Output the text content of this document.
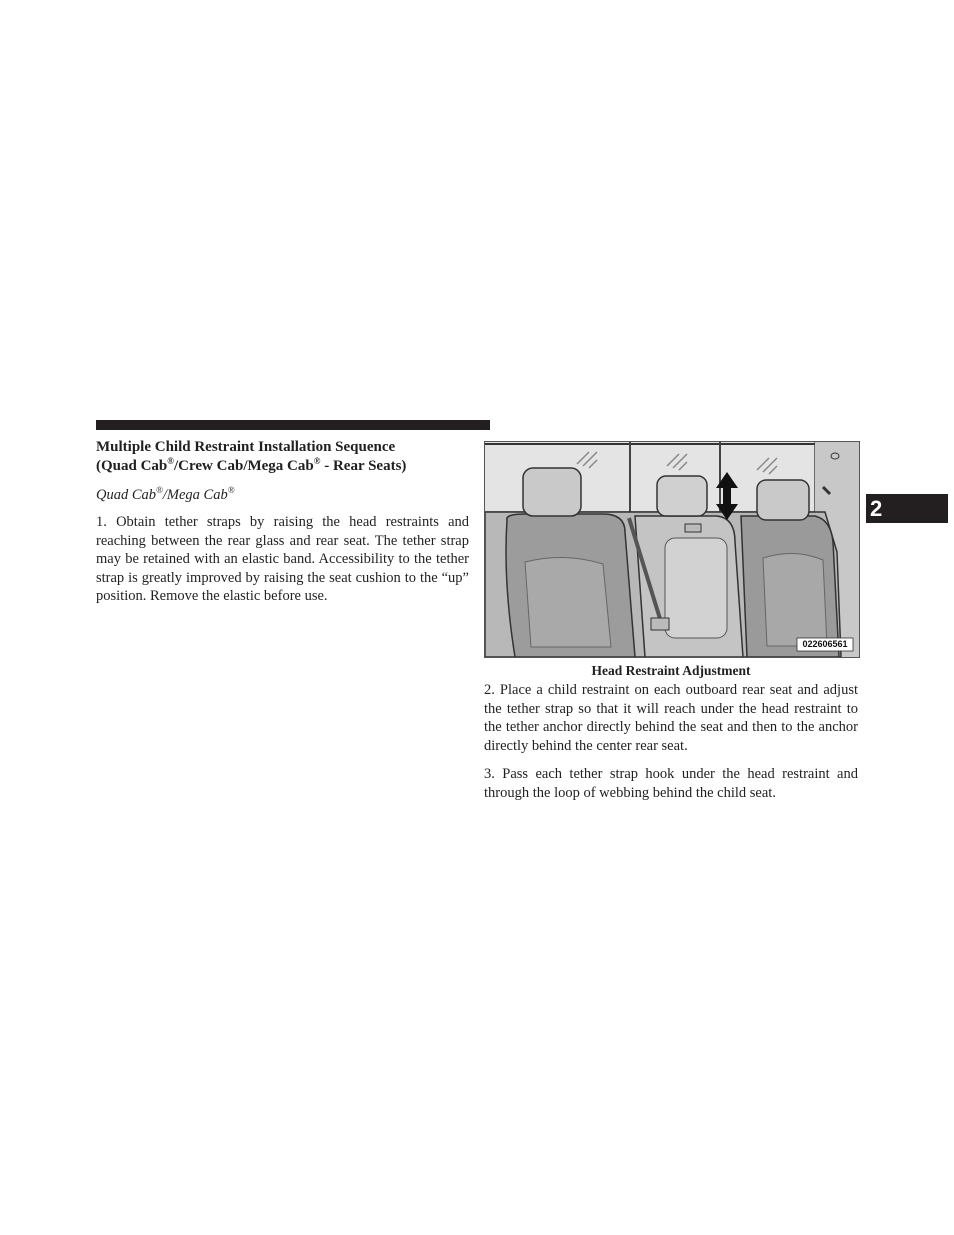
Multiple Child Restraint Installation Sequence
(Quad Cab®/Crew Cab/Mega Cab® - Rear Seats)
Quad Cab®/Mega Cab®

1. Obtain tether straps by raising the head restraints and reaching between the rear glass and rear seat. The tether strap may be retained with an elastic band. Accessibility to the tether strap is greatly improved by raising the seat cushion to the “up” position. Remove the elastic before use.

022606561
Head Restraint Adjustment

2. Place a child restraint on each outboard rear seat and adjust the tether strap so that it will reach under the head restraint to the tether anchor directly behind the seat and then to the anchor directly behind the center rear seat.

3. Pass each tether strap hook under the head restraint and through the loop of webbing behind the child seat.

2
